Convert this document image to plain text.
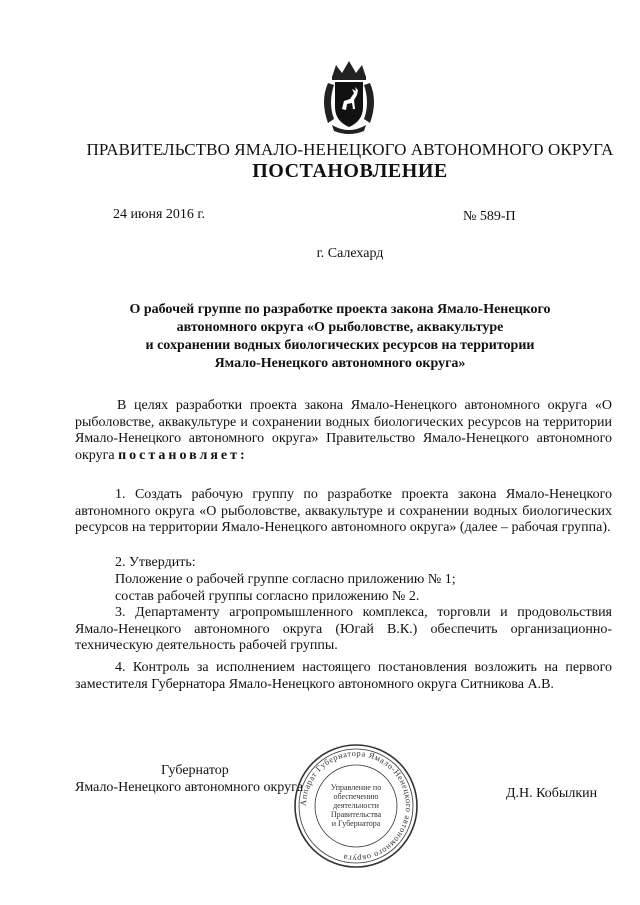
ПРАВИТЕЛЬСТВО ЯМАЛО-НЕНЕЦКОГО АВТОНОМНОГО ОКРУГА
ПОСТАНОВЛЕНИЕ
24 июня 2016 г.	№ 589-П
г. Салехард
О рабочей группе по разработке проекта закона Ямало-Ненецкого
автономного округа «О рыболовстве, аквакультуре
и сохранении водных биологических ресурсов на территории
Ямало-Ненецкого автономного округа»
В целях разработки проекта закона Ямало-Ненецкого автономного округа «О рыболовстве, аквакультуре и сохранении водных биологических ресурсов на территории Ямало-Ненецкого автономного округа» Правительство Ямало-Ненецкого автономного округа постановляет:
1. Создать рабочую группу по разработке проекта закона Ямало-Ненецкого автономного округа «О рыболовстве, аквакультуре и сохранении водных биологических ресурсов на территории Ямало-Ненецкого автономного округа» (далее – рабочая группа).
2. Утвердить:
Положение о рабочей группе согласно приложению № 1;
состав рабочей группы согласно приложению № 2.
3. Департаменту агропромышленного комплекса, торговли и продовольствия Ямало-Ненецкого автономного округа (Югай В.К.) обеспечить организационно-техническую деятельность рабочей группы.
4. Контроль за исполнением настоящего постановления возложить на первого заместителя Губернатора Ямало-Ненецкого автономного округа Ситникова А.В.
Губернатор
Ямало-Ненецкого автономного округа	Д.Н. Кобылкин
Аппарат Губернатора Ямало-Ненецкого автономного округа
Управление по
обеспечению
деятельности
Правительства
и Губернатора
